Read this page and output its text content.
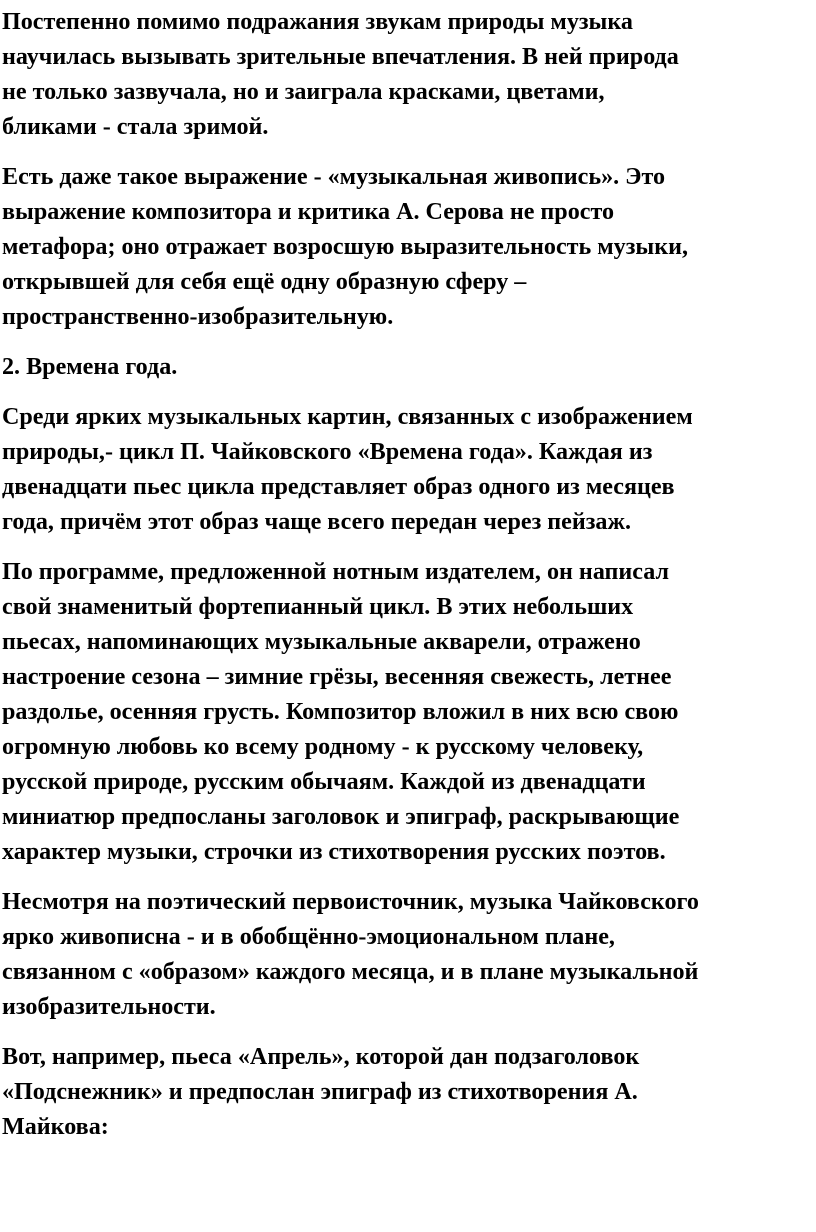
Постепенно помимо подражания звукам природы музыка
научилась вызывать зрительные впечатления. В ней природа
не только зазвучала, но и заиграла красками, цветами,
бликами - стала зримой.
Есть даже такое выражение - «музыкальная живопись». Это
выражение композитора и критика А. Серова не просто
метафора; оно отражает возросшую выразительность музыки,
открывшей для себя ещё одну образную сферу –
пространственно-изобразительную.
2. Времена года.
Среди ярких музыкальных картин, связанных с изображением
природы,- цикл П. Чайковского «Времена года». Каждая из
двенадцати пьес цикла представляет образ одного из месяцев
года, причём этот образ чаще всего передан через пейзаж.
По программе, предложенной нотным издателем, он написал
свой знаменитый фортепианный цикл. В этих небольших
пьесах, напоминающих музыкальные акварели, отражено
настроение сезона – зимние грёзы, весенняя свежесть, летнее
раздолье, осенняя грусть. Композитор вложил в них всю свою
огромную любовь ко всему родному - к русскому человеку,
русской природе, русским обычаям. Каждой из двенадцати
миниатюр предпосланы заголовок и эпиграф, раскрывающие
характер музыки, строчки из стихотворения русских поэтов.
Несмотря на поэтический первоисточник, музыка Чайковского
ярко живописна - и в обобщённо-эмоциональном плане,
связанном с «образом» каждого месяца, и в плане музыкальной
изобразительности.
Вот, например, пьеса «Апрель», которой дан подзаголовок
«Подснежник» и предпослан эпиграф из стихотворения А.
Майкова:
